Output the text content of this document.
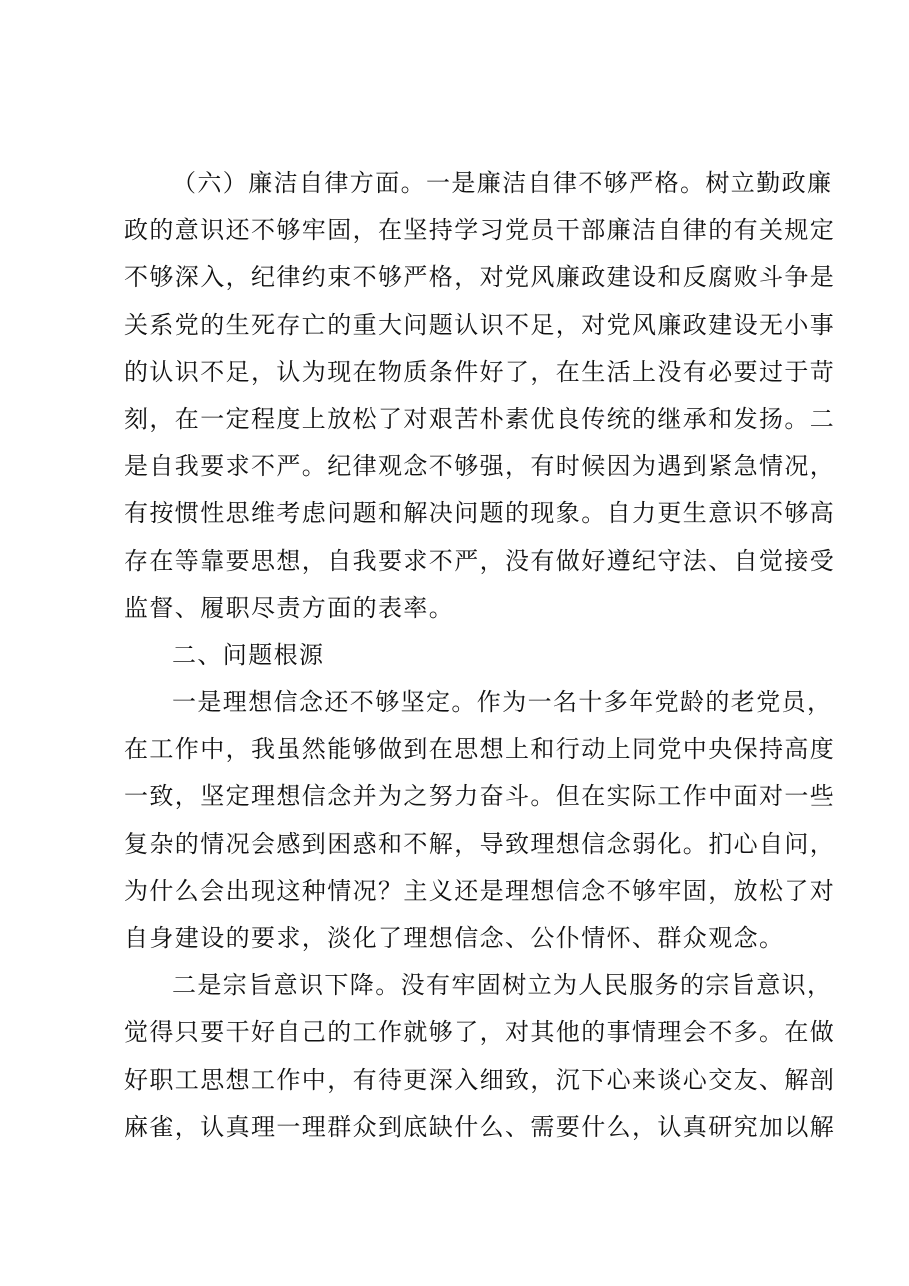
（六）廉洁自律方面。一是廉洁自律不够严格。树立勤政廉
政的意识还不够牢固，在坚持学习党员干部廉洁自律的有关规定
不够深入，纪律约束不够严格，对党风廉政建设和反腐败斗争是
关系党的生死存亡的重大问题认识不足，对党风廉政建设无小事
的认识不足，认为现在物质条件好了，在生活上没有必要过于苛
刻，在一定程度上放松了对艰苦朴素优良传统的继承和发扬。二
是自我要求不严。纪律观念不够强，有时候因为遇到紧急情况，
有按惯性思维考虑问题和解决问题的现象。自力更生意识不够高
存在等靠要思想，自我要求不严，没有做好遵纪守法、自觉接受
监督、履职尽责方面的表率。
二、问题根源
一是理想信念还不够坚定。作为一名十多年党龄的老党员，
在工作中，我虽然能够做到在思想上和行动上同党中央保持高度
一致，坚定理想信念并为之努力奋斗。但在实际工作中面对一些
复杂的情况会感到困惑和不解，导致理想信念弱化。扪心自问，
为什么会出现这种情况？主义还是理想信念不够牢固，放松了对
自身建设的要求，淡化了理想信念、公仆情怀、群众观念。
二是宗旨意识下降。没有牢固树立为人民服务的宗旨意识，
觉得只要干好自己的工作就够了，对其他的事情理会不多。在做
好职工思想工作中，有待更深入细致，沉下心来谈心交友、解剖
麻雀，认真理一理群众到底缺什么、需要什么，认真研究加以解
